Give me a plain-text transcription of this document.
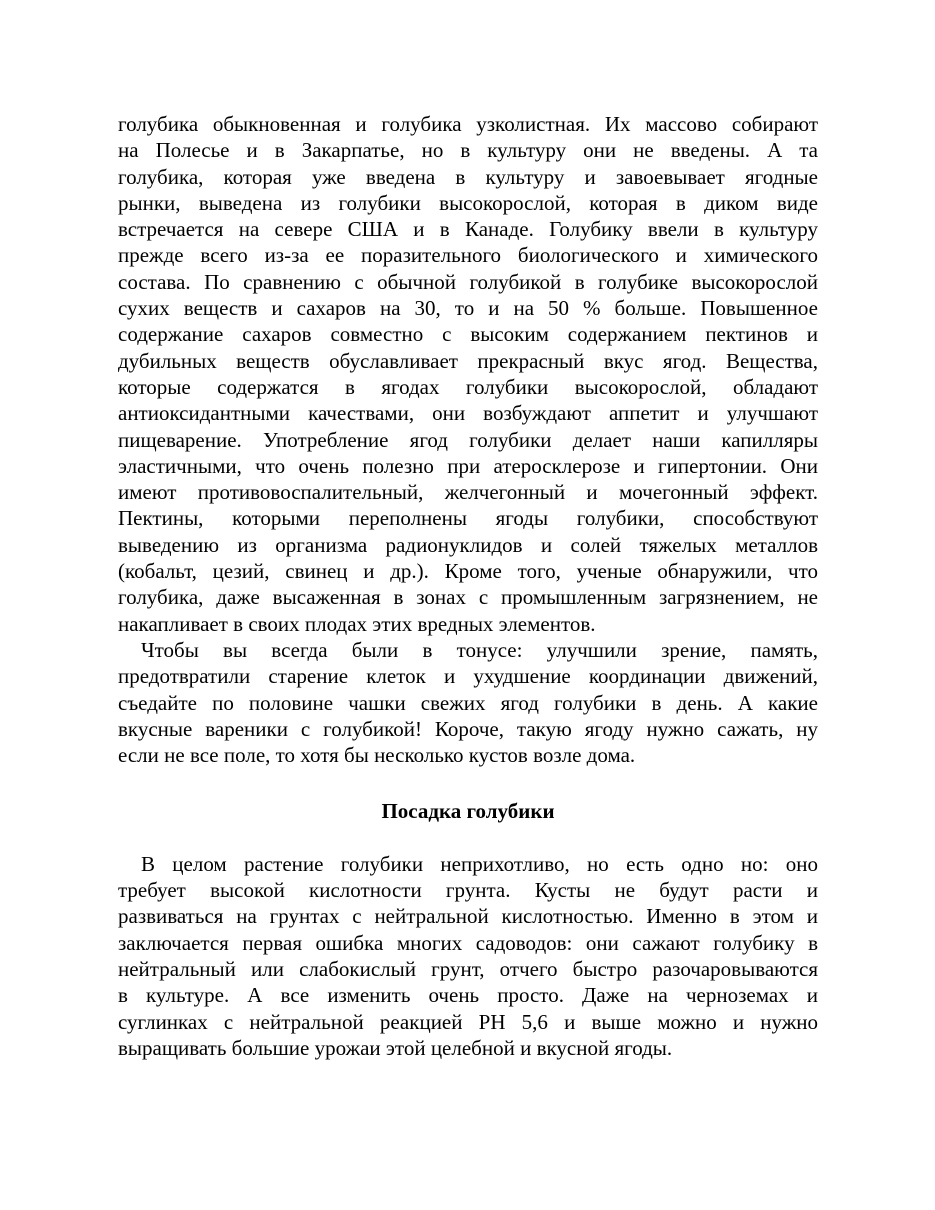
голубика обыкновенная и голубика узколистная. Их массово собирают
на Полесье и в Закарпатье, но в культуру они не введены. А та
голубика, которая уже введена в культуру и завоевывает ягодные
рынки, выведена из голубики высокорослой, которая в диком виде
встречается на севере США и в Канаде. Голубику ввели в культуру
прежде всего из-за ее поразительного биологического и химического
состава. По сравнению с обычной голубикой в голубике высокорослой
сухих веществ и сахаров на 30, то и на 50 % больше. Повышенное
содержание сахаров совместно с высоким содержанием пектинов и
дубильных веществ обуславливает прекрасный вкус ягод. Вещества,
которые содержатся в ягодах голубики высокорослой, обладают
антиоксидантными качествами, они возбуждают аппетит и улучшают
пищеварение. Употребление ягод голубики делает наши капилляры
эластичными, что очень полезно при атеросклерозе и гипертонии. Они
имеют противовоспалительный, желчегонный и мочегонный эффект.
Пектины, которыми переполнены ягоды голубики, способствуют
выведению из организма радионуклидов и солей тяжелых металлов
(кобальт, цезий, свинец и др.). Кроме того, ученые обнаружили, что
голубика, даже высаженная в зонах с промышленным загрязнением, не
накапливает в своих плодах этих вредных элементов.
Чтобы вы всегда были в тонусе: улучшили зрение, память,
предотвратили старение клеток и ухудшение координации движений,
съедайте по половине чашки свежих ягод голубики в день. А какие
вкусные вареники с голубикой! Короче, такую ягоду нужно сажать, ну
если не все поле, то хотя бы несколько кустов возле дома.
Посадка голубики
В целом растение голубики неприхотливо, но есть одно но: оно
требует высокой кислотности грунта. Кусты не будут расти и
развиваться на грунтах с нейтральной кислотностью. Именно в этом и
заключается первая ошибка многих садоводов: они сажают голубику в
нейтральный или слабокислый грунт, отчего быстро разочаровываются
в культуре. А все изменить очень просто. Даже на черноземах и
суглинках с нейтральной реакцией РН 5,6 и выше можно и нужно
выращивать большие урожаи этой целебной и вкусной ягоды.
